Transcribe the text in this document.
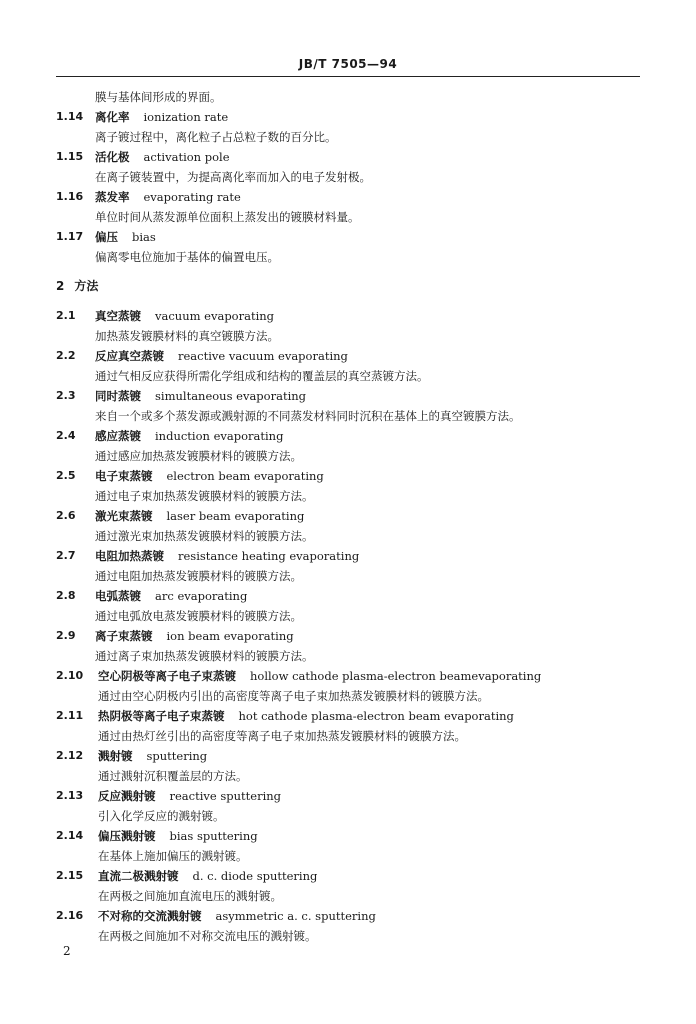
JB/T 7505—94
膜与基体间形成的界面。
1.14 离化率 ionization rate
离子镀过程中，离化粒子占总粒子数的百分比。
1.15 活化极 activation pole
在离子镀装置中，为提高离化率而加入的电子发射极。
1.16 蒸发率 evaporating rate
单位时间从蒸发源单位面积上蒸发出的镀膜材料量。
1.17 偏压 bias
偏离零电位施加于基体的偏置电压。
2 方法
2.1 真空蒸镀 vacuum evaporating
加热蒸发镀膜材料的真空镀膜方法。
2.2 反应真空蒸镀 reactive vacuum evaporating
通过气相反应获得所需化学组成和结构的覆盖层的真空蒸镀方法。
2.3 同时蒸镀 simultaneous evaporating
来自一个或多个蒸发源或溅射源的不同蒸发材料同时沉积在基体上的真空镀膜方法。
2.4 感应蒸镀 induction evaporating
通过感应加热蒸发镀膜材料的镀膜方法。
2.5 电子束蒸镀 electron beam evaporating
通过电子束加热蒸发镀膜材料的镀膜方法。
2.6 激光束蒸镀 laser beam evaporating
通过激光束加热蒸发镀膜材料的镀膜方法。
2.7 电阻加热蒸镀 resistance heating evaporating
通过电阻加热蒸发镀膜材料的镀膜方法。
2.8 电弧蒸镀 arc evaporating
通过电弧放电蒸发镀膜材料的镀膜方法。
2.9 离子束蒸镀 ion beam evaporating
通过离子束加热蒸发镀膜材料的镀膜方法。
2.10 空心阴极等离子电子束蒸镀 hollow cathode plasma-electron beamevaporating
通过由空心阴极内引出的高密度等离子电子束加热蒸发镀膜材料的镀膜方法。
2.11 热阴极等离子电子束蒸镀 hot cathode plasma-electron beam evaporating
通过由热灯丝引出的高密度等离子电子束加热蒸发镀膜材料的镀膜方法。
2.12 溅射镀 sputtering
通过溅射沉积覆盖层的方法。
2.13 反应溅射镀 reactive sputtering
引入化学反应的溅射镀。
2.14 偏压溅射镀 bias sputtering
在基体上施加偏压的溅射镀。
2.15 直流二极溅射镀 d. c. diode sputtering
在两极之间施加直流电压的溅射镀。
2.16 不对称的交流溅射镀 asymmetric a. c. sputtering
在两极之间施加不对称交流电压的溅射镀。
2
